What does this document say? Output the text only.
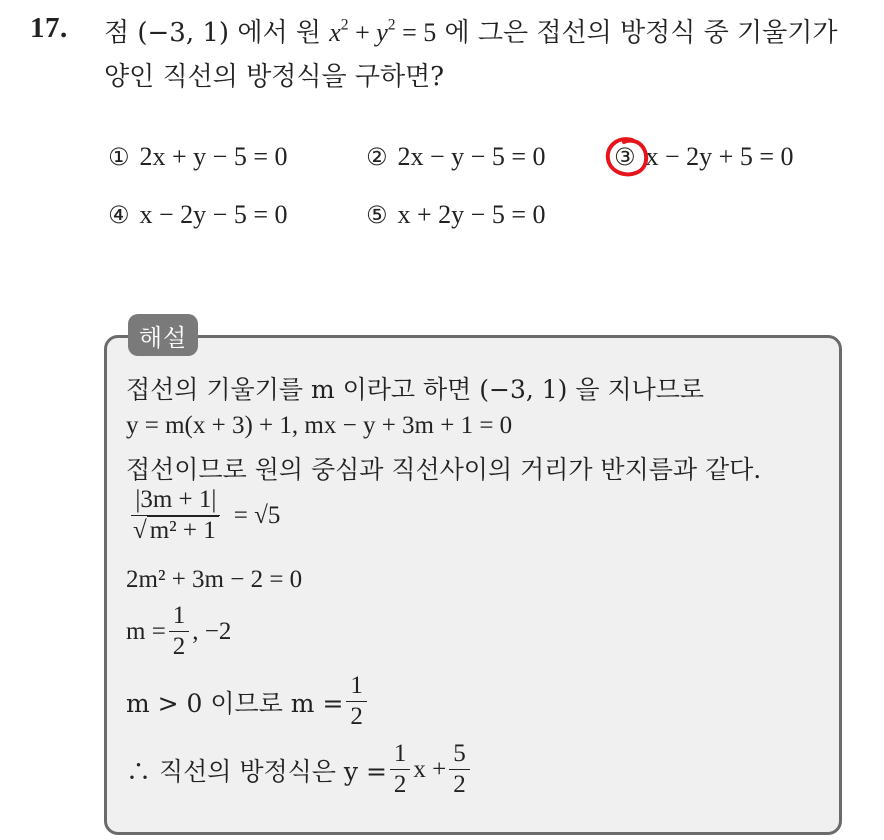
17. 점 (−3, 1) 에서 원 $x^2 + y^2 = 5$ 에 그은 접선의 방정식 중 기울기가
양인 직선의 방정식을 구하면?
① 2x + y − 5 = 0	② 2x − y − 5 = 0	③ x − 2y + 5 = 0
④ x − 2y − 5 = 0	⑤ x + 2y − 5 = 0
해설
접선의 기울기를 m 이라고 하면 (−3, 1) 을 지나므로
y = m(x + 3) + 1, mx − y + 3m + 1 = 0
접선이므로 원의 중심과 직선사이의 거리가 반지름과 같다.
$\frac{|3m + 1|}{\text{√ m² + 1}} = √5$
2m² + 3m − 2 = 0
$m = \frac{1}{2}$ , −2
m > 0 이므로 $m = \frac{1}{2}$
∴ 직선의 방정식은 $y = \frac{1}{2}$ $x + \frac{5}{2}$
